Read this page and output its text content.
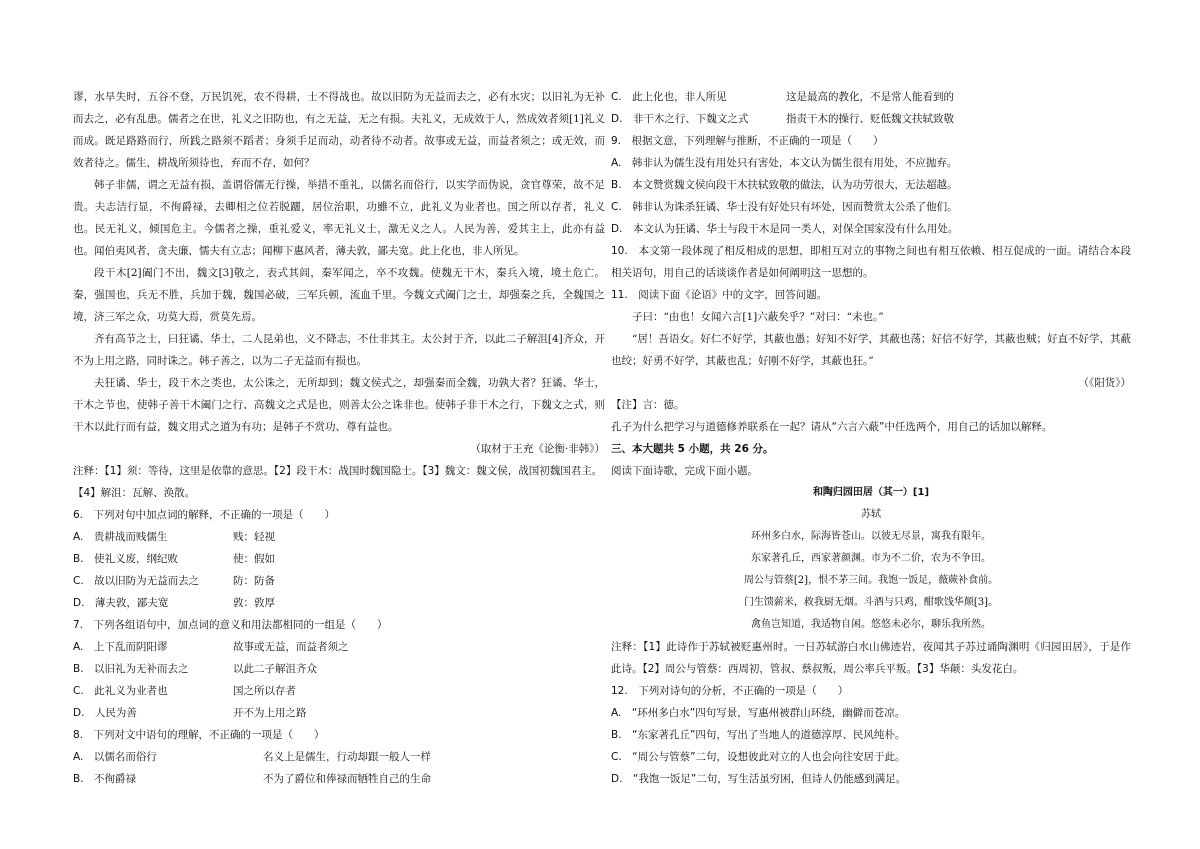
谬，水旱失时，五谷不登，万民饥死，农不得耕，士不得战也。故以旧防为无益而去之，必有水灾；以旧礼为无补而去之，必有乱患。儒者之在世，礼义之旧防也，有之无益，无之有损。夫礼义，无成效于人，然成效者须[1]礼义而成。既足路路而行，所践之路须不蹈者；身须手足而动，动者待不动者。故事或无益，而益者须之；或无效，而效者待之。儒生，耕战所须待也，弃而不存，如何？

韩子非儒，谓之无益有损，盖谓俗儒无行操，举措不重礼，以儒名而俗行，以实学而伪说，贪官尊荣，故不足贵。夫志洁行显，不徇爵禄，去卿相之位若脱躧，居位治职，功雖不立，此礼义为业者也。国之所以存者，礼义也。民无礼义，倾国危主。今儒者之操，重礼爱义，率无礼义士，激无义之人。人民为善，爱其主上，此亦有益也。闻伯夷风者，贪夫廉，懦夫有立志；闻柳下惠风者，薄夫敦，鄙夫宽。此上化也，非人所见。

段干木[2]阖门不出，魏文[3]敬之，表式其闾，秦军闻之，卒不攻魏。使魏无干木，秦兵入境，境土危亡。秦，强国也，兵无不胜，兵加于魏，魏国必破，三军兵顿，流血千里。今魏文式阖门之士，却强秦之兵，全魏国之境，济三军之众，功莫大焉，赏莫先焉。

齐有高节之士，曰狂谲、华士，二人昆弟也，义不降志，不仕非其主。太公封于齐，以此二子解沮[4]齐众，开不为上用之路，同时诛之。韩子善之，以为二子无益而有损也。

夫狂谲、华士，段干木之类也，太公诛之，无所却到；魏文侯式之，却强秦而全魏，功孰大者？狂谲、华士，干木之节也，使韩子善干木阖门之行、高魏文之式是也，则善太公之诛非也。使韩子非干木之行，下魏文之式，则干木以此行而有益，魏文用式之道为有功；是韩子不赏功、尊有益也。

（取材于王充《论衡·非韩》）

注释：【1】须：等待，这里是依靠的意思。【2】段干木：战国时魏国隐士。【3】魏文：魏文侯，战国初魏国君主。

【4】解沮：瓦解、涣散。

6.　下列对句中加点词的解释，不正确的一项是（　　）

A.　贵耕战而贱儒生	贱：轻视
B.　使礼义废，纲纪败	使：假如
C.　故以旧防为无益而去之	防：防备
D.　薄夫敦，鄙夫宽	敦：敦厚

7.　下列各组语句中，加点词的意义和用法都相同的一组是（　　）

A.　上下乱而阴阳谬	故事或无益，而益者须之
B.　以旧礼为无补而去之	以此二子解沮齐众
C.　此礼义为业者也	国之所以存者
D.　人民为善	开不为上用之路

8.　下列对文中语句的理解，不正确的一项是（　　）

A.　以儒名而俗行	名义上是儒生，行动却跟一般人一样
B.　不徇爵禄	不为了爵位和俸禄而牺牲自己的生命
C.　此上化也，非人所见	这是最高的教化，不是常人能看到的
D.　非干木之行、下魏文之式	指责干木的操行、贬低魏文扶轼致敬

9.　根据文意，下列理解与推断，不正确的一项是（　　）

A.　韩非认为儒生没有用处只有害处，本文认为儒生很有用处，不应抛弃。

B.　本文赞赏魏文侯向段干木扶轼致敬的做法，认为功劳很大，无法超越。

C.　韩非认为诛杀狂谲、华士没有好处只有坏处，因而赞赏太公杀了他们。

D.　本文认为狂谲、华士与段干木是同一类人，对保全国家没有什么用处。

10.　本文第一段体现了相反相成的思想，即相互对立的事物之间也有相互依赖、相互促成的一面。请结合本段相关语句，用自己的话谈谈作者是如何阐明这一思想的。

11.　阅读下面《论语》中的文字，回答问题。

子曰：“由也！女闻六言[1]六蔽矣乎？”对曰：“未也。”

“居！吾语女。好仁不好学，其蔽也愚；好知不好学，其蔽也荡；好信不好学，其蔽也贼；好直不好学，其蔽也绞；好勇不好学，其蔽也乱；好刚不好学，其蔽也狂。”

（《阳货》）

【注】言：德。

孔子为什么把学习与道德修养联系在一起？请从“六言六蔽”中任选两个，用自己的话加以解释。

三、本大题共 5 小题，共 26 分。

阅读下面诗歌，完成下面小题。

和陶归园田居（其一）[1]

苏轼

环州多白水，际海皆苍山。以彼无尽景，寓我有限年。

东家著孔丘，西家著颜渊。市为不二价，农为不争田。

周公与管蔡[2]，恨不茅三间。我饱一饭足，薇蕨补食前。

门生馈薪米，救我厨无烟。斗酒与只鸡，酣歌饯华颠[3]。

禽鱼岂知道，我适物自闲。悠悠未必尔，聊乐我所然。

注释：【1】此诗作于苏轼被贬惠州时。一日苏轼游白水山佛迹岩，夜闻其子苏过诵陶渊明《归园田居》，于是作此诗。【2】周公与管蔡：西周初，管叔、蔡叔叛，周公率兵平叛。【3】华颠：头发花白。

12.　下列对诗句的分析，不正确的一项是（　　）

A.　“环州多白水”四句写景，写惠州被群山环绕，幽僻而苍凉。

B.　“东家著孔丘”四句，写出了当地人的道德淳厚、民风纯朴。

C.　“周公与管蔡”二句，设想彼此对立的人也会向往安居于此。

D.　“我饱一饭足”二句，写生活虽穷困，但诗人仍能感到满足。
